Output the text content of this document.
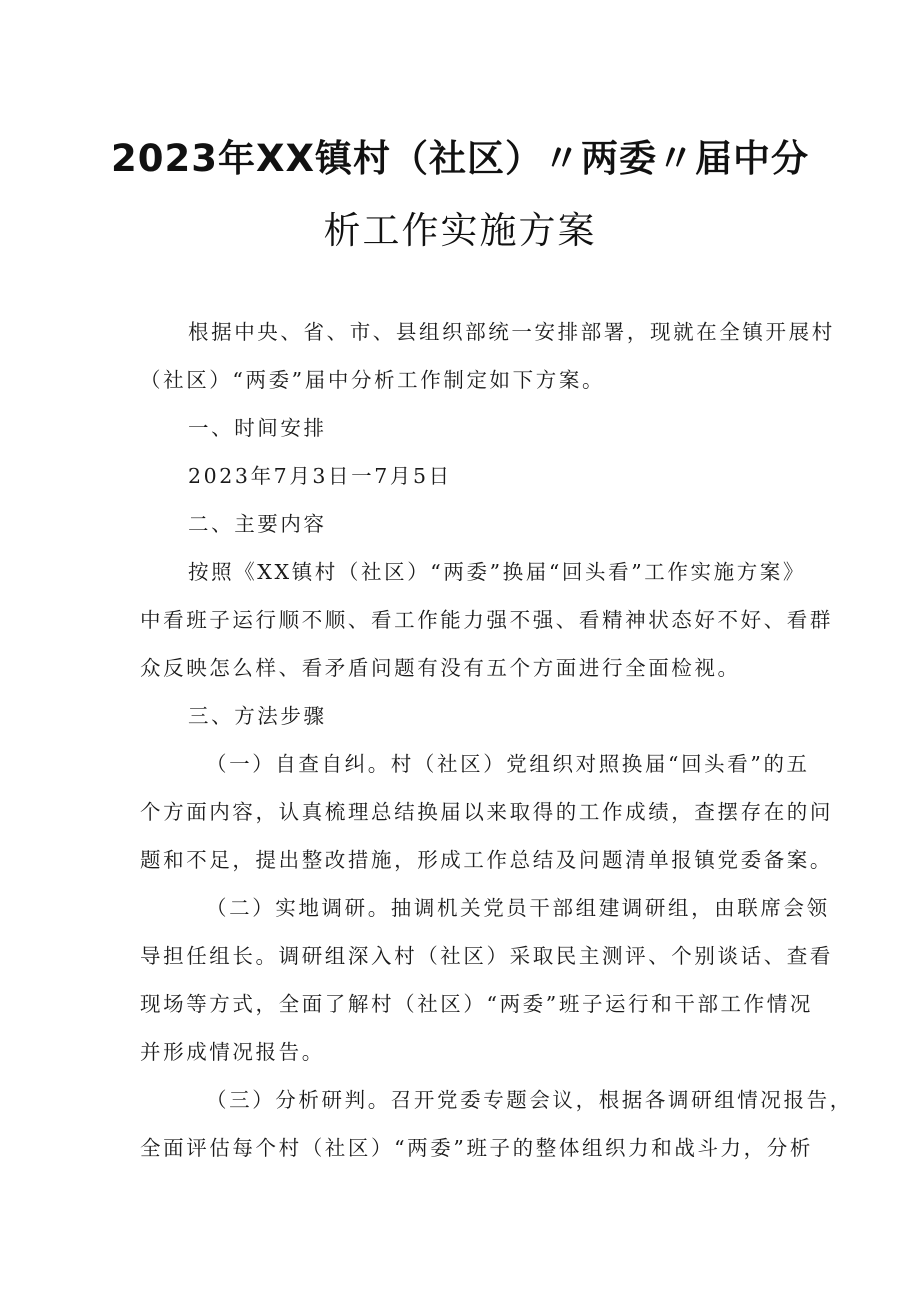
2023年XX镇村（社区）〃两委〃届中分
析工作实施方案
根据中央、省、市、县组织部统一安排部署，现就在全镇开展村
（社区）“两委”届中分析工作制定如下方案。
一、时间安排
2023年7月3日一7月5日
二、主要内容
按照《XX镇村（社区）“两委”换届“回头看”工作实施方案》
中看班子运行顺不顺、看工作能力强不强、看精神状态好不好、看群
众反映怎么样、看矛盾问题有没有五个方面进行全面检视。
三、方法步骤
（一）自查自纠。村（社区）党组织对照换届“回头看”的五
个方面内容，认真梳理总结换届以来取得的工作成绩，查摆存在的问
题和不足，提出整改措施，形成工作总结及问题清单报镇党委备案。
（二）实地调研。抽调机关党员干部组建调研组，由联席会领
导担任组长。调研组深入村（社区）采取民主测评、个别谈话、查看
现场等方式，全面了解村（社区）“两委”班子运行和干部工作情况
并形成情况报告。
（三）分析研判。召开党委专题会议，根据各调研组情况报告，
全面评估每个村（社区）“两委”班子的整体组织力和战斗力，分析
